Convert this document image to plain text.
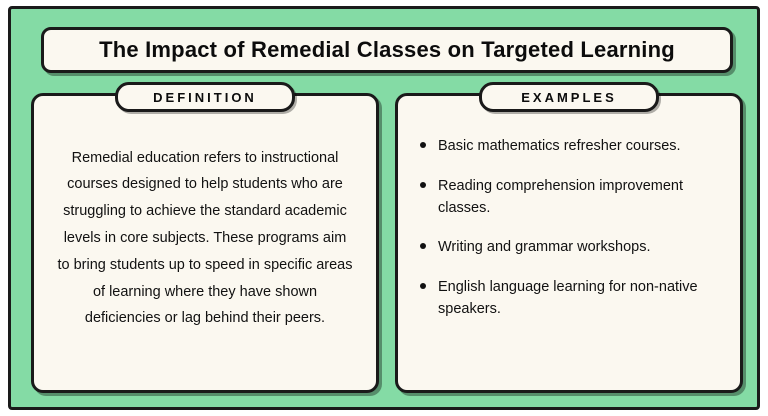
The Impact of Remedial Classes on Targeted Learning
DEFINITION

Remedial education refers to instructional courses designed to help students who are struggling to achieve the standard academic levels in core subjects. These programs aim to bring students up to speed in specific areas of learning where they have shown deficiencies or lag behind their peers.

EXAMPLES
Basic mathematics refresher courses.
Reading comprehension improvement classes.
Writing and grammar workshops.
English language learning for non-native speakers.
